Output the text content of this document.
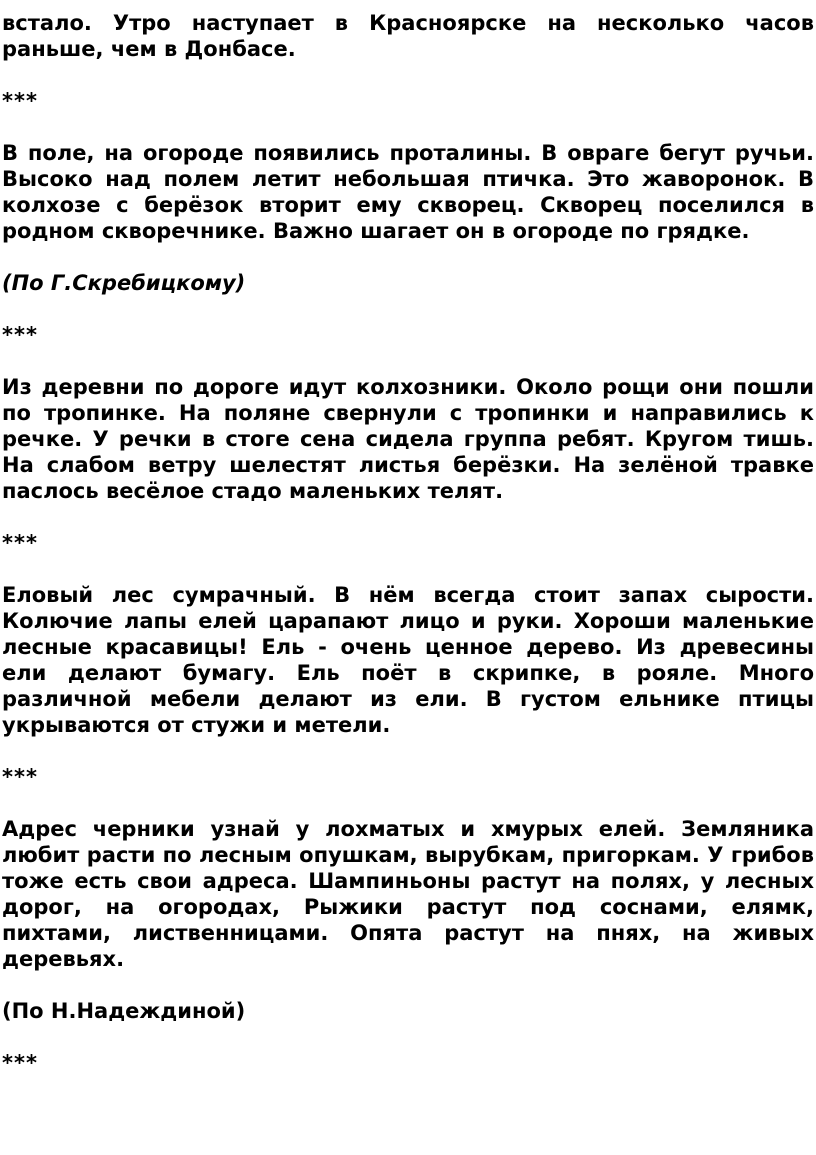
встало. Утро наступает в Красноярске на несколько часов раньше, чем в Донбасе.

***

В поле, на огороде появились проталины. В овраге бегут ручьи. Высоко над полем летит небольшая птичка. Это жаворонок. В колхозе с берёзок вторит ему скворец. Скворец поселился в родном скворечнике. Важно шагает он в огороде по грядке.

(По Г.Скребицкому)

***

Из деревни по дороге идут колхозники. Около рощи они пошли по тропинке. На поляне свернули с тропинки и направились к речке. У речки в стоге сена сидела группа ребят. Кругом тишь. На слабом ветру шелестят листья берёзки. На зелёной травке паслось весёлое стадо маленьких телят.

***

Еловый лес сумрачный. В нём всегда стоит запах сырости. Колючие лапы елей царапают лицо и руки. Хороши маленькие лесные красавицы! Ель - очень ценное дерево. Из древесины ели делают бумагу. Ель поёт в скрипке, в рояле. Много различной мебели делают из ели. В густом ельнике птицы укрываются от стужи и метели.

***

Адрес черники узнай у лохматых и хмурых елей. Земляника любит расти по лесным опушкам, вырубкам, пригоркам. У грибов тоже есть свои адреса. Шампиньоны растут на полях, у лесных дорог, на огородах, Рыжики растут под соснами, елямк, пихтами, лиственницами. Опята растут на пнях, на живых деревьях.

(По Н.Надеждиной)

***
